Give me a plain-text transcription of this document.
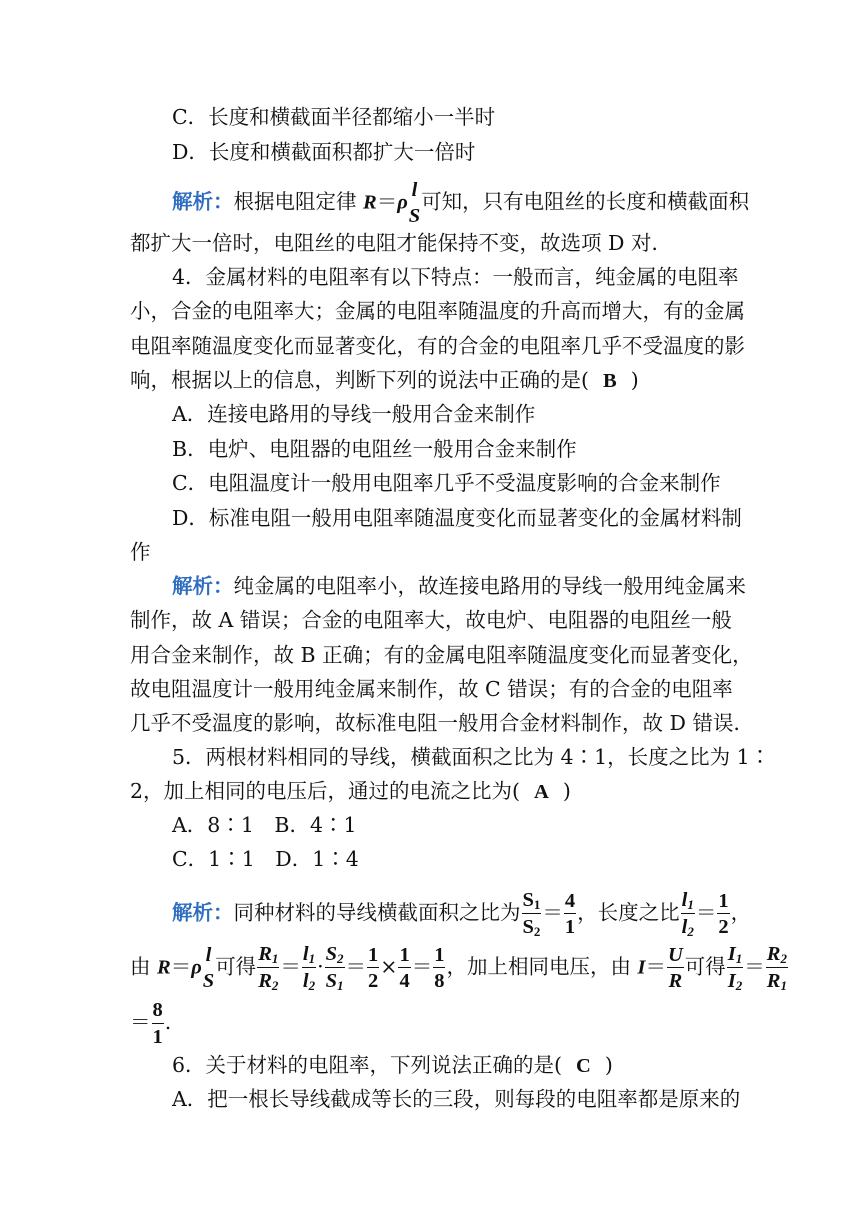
C．长度和横截面半径都缩小一半时
D．长度和横截面积都扩大一倍时
解析：根据电阻定律 R＝ρ
l
S
可知，只有电阻丝的长度和横截面积
都扩大一倍时，电阻丝的电阻才能保持不变，故选项 D 对．
4．金属材料的电阻率有以下特点：一般而言，纯金属的电阻率
小，合金的电阻率大；金属的电阻率随温度的升高而增大，有的金属
电阻率随温度变化而显著变化，有的合金的电阻率几乎不受温度的影
响，根据以上的信息，判断下列的说法中正确的是( B )
A．连接电路用的导线一般用合金来制作
B．电炉、电阻器的电阻丝一般用合金来制作
C．电阻温度计一般用电阻率几乎不受温度影响的合金来制作
D．标准电阻一般用电阻率随温度变化而显著变化的金属材料制
作
解析：纯金属的电阻率小，故连接电路用的导线一般用纯金属来
制作，故 A 错误；合金的电阻率大，故电炉、电阻器的电阻丝一般
用合金来制作，故 B 正确；有的金属电阻率随温度变化而显著变化，
故电阻温度计一般用纯金属来制作，故 C 错误；有的合金的电阻率
几乎不受温度的影响，故标准电阻一般用合金材料制作，故 D 错误．
5．两根材料相同的导线，横截面积之比为 4∶1，长度之比为 1∶
2，加上相同的电压后，通过的电流之比为( A )
A．8∶1　B．4∶1
C．1∶1　D．1∶4
解析：同种材料的导线横截面积之比为 $\frac{S_1}{S_2} = \frac{4}{1}$ ，长度之比 $\frac{l_1}{l_2} = \frac{1}{2}$ ，
由 R＝ρ
l
S
可得 $\frac{R_1}{R_2} = \frac{l_1}{l_2} \cdot \frac{S_2}{S_1} = \frac{1}{2} \times \frac{1}{4} = \frac{1}{8}$ ，加上相同电压，由 $I= \frac{U}{R}$ 可得 $\frac{I_1}{I_2} = \frac{R_2}{R_1}$
＝ $\frac{8}{1}$ .
6．关于材料的电阻率，下列说法正确的是( C )
A．把一根长导线截成等长的三段，则每段的电阻率都是原来的
